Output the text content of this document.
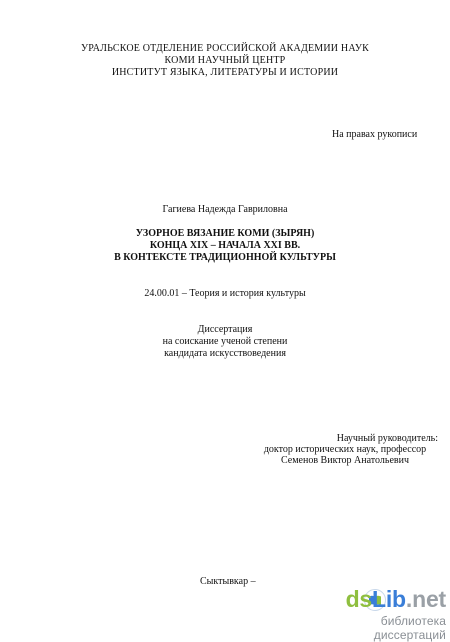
УРАЛЬСКОЕ ОТДЕЛЕНИЕ РОССИЙСКОЙ АКАДЕМИИ НАУК
КОМИ НАУЧНЫЙ ЦЕНТР
ИНСТИТУТ ЯЗЫКА, ЛИТЕРАТУРЫ И ИСТОРИИ
На правах рукописи
Гагиева Надежда Гавриловна
УЗОРНОЕ ВЯЗАНИЕ КОМИ (ЗЫРЯН)
КОНЦА XIX – НАЧАЛА XXI ВВ.
В КОНТЕКСТЕ ТРАДИЦИОННОЙ КУЛЬТУРЫ
24.00.01 – Теория и история культуры
Диссертация
на соискание ученой степени
кандидата искусствоведения
Научный руководитель:
доктор исторических наук, профессор
Семенов Виктор Анатольевич
Сыктывкар –
dsLib.net
библиотека диссертаций
